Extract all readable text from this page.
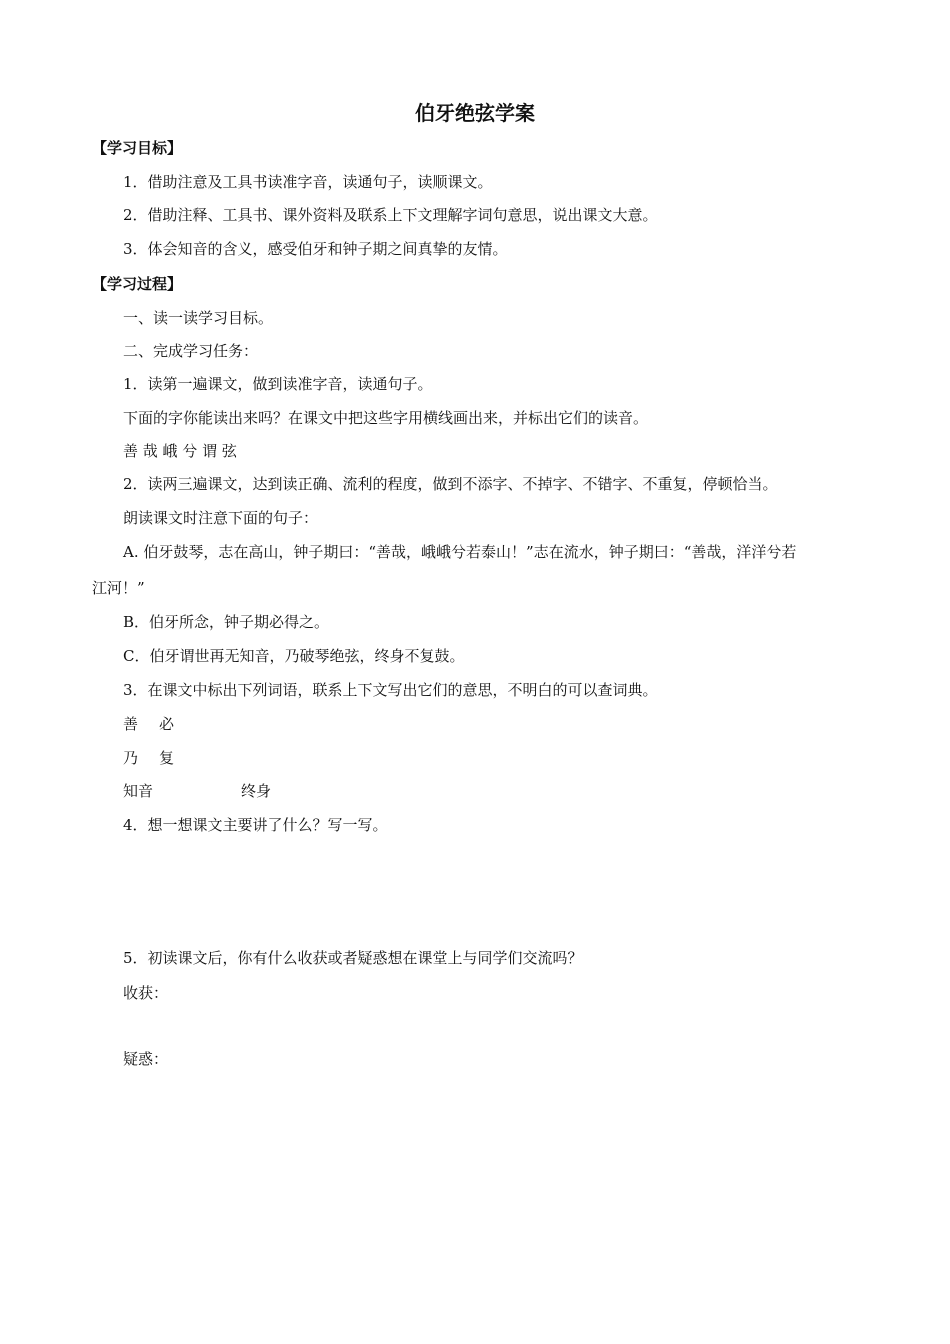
伯牙绝弦学案
【学习目标】
1．借助注意及工具书读准字音，读通句子，读顺课文。
2．借助注释、工具书、课外资料及联系上下文理解字词句意思，说出课文大意。
3．体会知音的含义，感受伯牙和钟子期之间真挚的友情。
【学习过程】
一、读一读学习目标。
二、完成学习任务：
1．读第一遍课文，做到读准字音，读通句子。
下面的字你能读出来吗？在课文中把这些字用横线画出来，并标出它们的读音。
善 哉 峨 兮 谓 弦
2．读两三遍课文，达到读正确、流利的程度，做到不添字、不掉字、不错字、不重复，停顿恰当。
朗读课文时注意下面的句子：
A. 伯牙鼓琴，志在高山，钟子期曰：“善哉，峨峨兮若泰山！”志在流水，钟子期曰：“善哉，洋洋兮若
江河！”
B．伯牙所念，钟子期必得之。
C．伯牙谓世再无知音，乃破琴绝弦，终身不复鼓。
3．在课文中标出下列词语，联系上下文写出它们的意思，不明白的可以查词典。
善 必
乃 复
知音	终身
4．想一想课文主要讲了什么？写一写。
5．初读课文后，你有什么收获或者疑惑想在课堂上与同学们交流吗？
收获：
疑惑：
